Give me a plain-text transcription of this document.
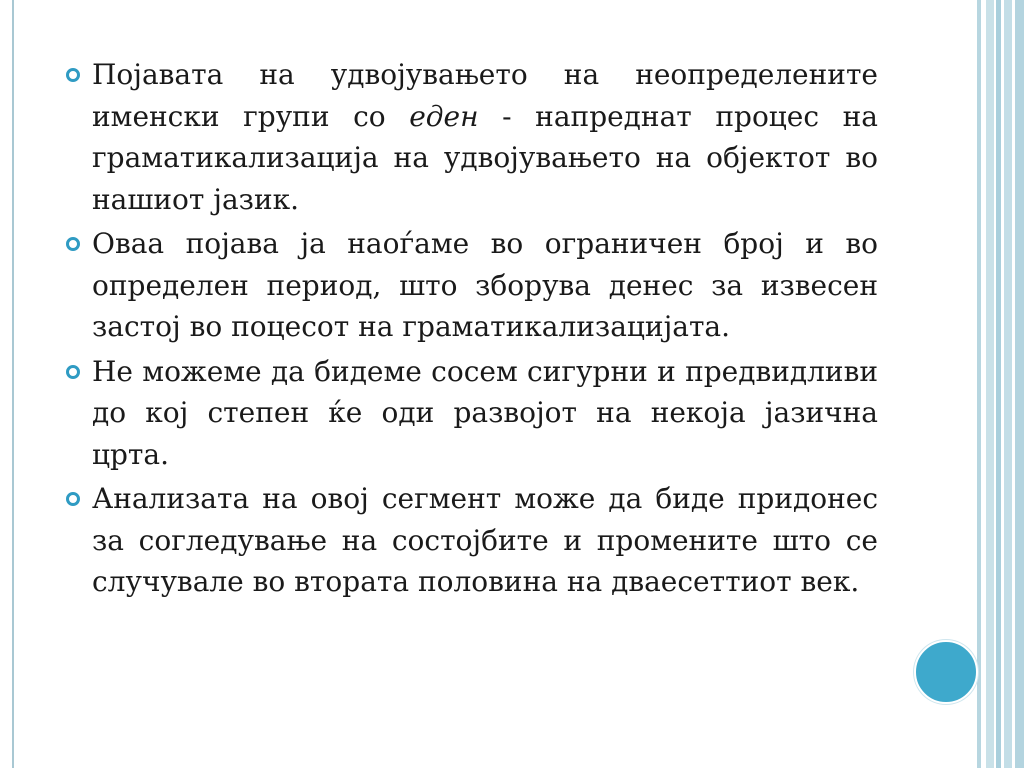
Појавата на удвојувањето на неопределените именски групи со еден - напреднат процес на граматикализација на удвојувањето на објектот во нашиот јазик.
Оваа појава ја наоѓаме во ограничен број и во определен период, што зборува денес за извесен застој во поцесот на граматикализацијата.
Не можеме да бидеме сосем сигурни и предвидливи до кој степен ќе оди развојот на некоја јазична црта.
Анализата на овој сегмент може да биде придонес за согледување на состојбите и промените што се случувале во втората половина на дваесеттиот век.
